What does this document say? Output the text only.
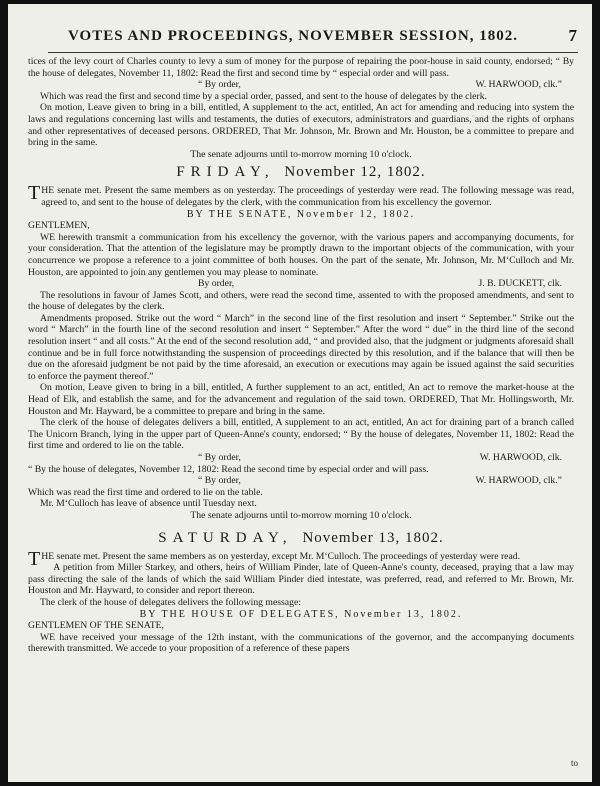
VOTES AND PROCEEDINGS, NOVEMBER SESSION, 1802.	7

tices of the levy court of Charles county to levy a sum of money for the purpose of repairing the poor-house in said county, endorsed; “ By the house of delegates, November 11, 1802: Read the first and second time by “ especial order and will pass.

“ By order,	W. HARWOOD, clk.”

Which was read the first and second time by a special order, passed, and sent to the house of delegates by the clerk.

On motion, Leave given to bring in a bill, entitled, A supplement to the act, entitled, An act for amending and reducing into system the laws and regulations concerning last wills and testaments, the duties of executors, administrators and guardians, and the rights of orphans and other representatives of deceased persons. ORDERED, That Mr. Johnson, Mr. Brown and Mr. Houston, be a committee to prepare and bring in the same.

The senate adjourns until to-morrow morning 10 o'clock.

FRIDAY, November 12, 1802.

THE senate met. Present the same members as on yesterday. The proceedings of yesterday were read. The following message was read, agreed to, and sent to the house of delegates by the clerk, with the communication from his excellency the governor.

BY THE SENATE, November 12, 1802.

GENTLEMEN,

WE herewith transmit a communication from his excellency the governor, with the various papers and accompanying documents, for your consideration. That the attention of the legislature may be promptly drawn to the important objects of the communication, with your concurrence we propose a reference to a joint committee of both houses. On the part of the senate, Mr. Johnson, Mr. M‘Culloch and Mr. Houston, are appointed to join any gentlemen you may please to nominate.

By order,	J. B. DUCKETT, clk.

The resolutions in favour of James Scott, and others, were read the second time, assented to with the proposed amendments, and sent to the house of delegates by the clerk.

Amendments proposed. Strike out the word “ March” in the second line of the first resolution and insert “ September.” Strike out the word “ March” in the fourth line of the second resolution and insert “ September.” After the word “ due” in the third line of the second resolution insert “ and all costs.” At the end of the second resolution add, “ and provided also, that the judgment or judgments aforesaid shall continue and be in full force notwithstanding the suspension of proceedings directed by this resolution, and if the balance that will then be due on the aforesaid judgment be not paid by the time aforesaid, an execution or executions may again be issued against the said securities to enforce the payment thereof.”

On motion, Leave given to bring in a bill, entitled, A further supplement to an act, entitled, An act to remove the market-house at the Head of Elk, and establish the same, and for the advancement and regulation of the said town. ORDERED, That Mr. Hollingsworth, Mr. Houston and Mr. Hayward, be a committee to prepare and bring in the same.

The clerk of the house of delegates delivers a bill, entitled, A supplement to an act, entitled, An act for draining part of a branch called The Unicorn Branch, lying in the upper part of Queen-Anne's county, endorsed; “ By the house of delegates, November 11, 1802: Read the first time and ordered to lie on the table.

“ By order,	W. HARWOOD, clk.

“ By the house of delegates, November 12, 1802: Read the second time by especial order and will pass.

“ By order,	W. HARWOOD, clk.”

Which was read the first time and ordered to lie on the table.

Mr. M‘Culloch has leave of absence until Tuesday next.

The senate adjourns until to-morrow morning 10 o'clock.

SATURDAY, November 13, 1802.

THE senate met. Present the same members as on yesterday, except Mr. M‘Culloch. The proceedings of yesterday were read.

A petition from Miller Starkey, and others, heirs of William Pinder, late of Queen-Anne's county, deceased, praying that a law may pass directing the sale of the lands of which the said William Pinder died intestate, was preferred, read, and referred to Mr. Brown, Mr. Houston and Mr. Hayward, to consider and report thereon.

The clerk of the house of delegates delivers the following message:

BY THE HOUSE OF DELEGATES, November 13, 1802.

GENTLEMEN OF THE SENATE,

WE have received your message of the 12th instant, with the communications of the governor, and the accompanying documents therewith transmitted. We accede to your proposition of a reference of these papers

to
